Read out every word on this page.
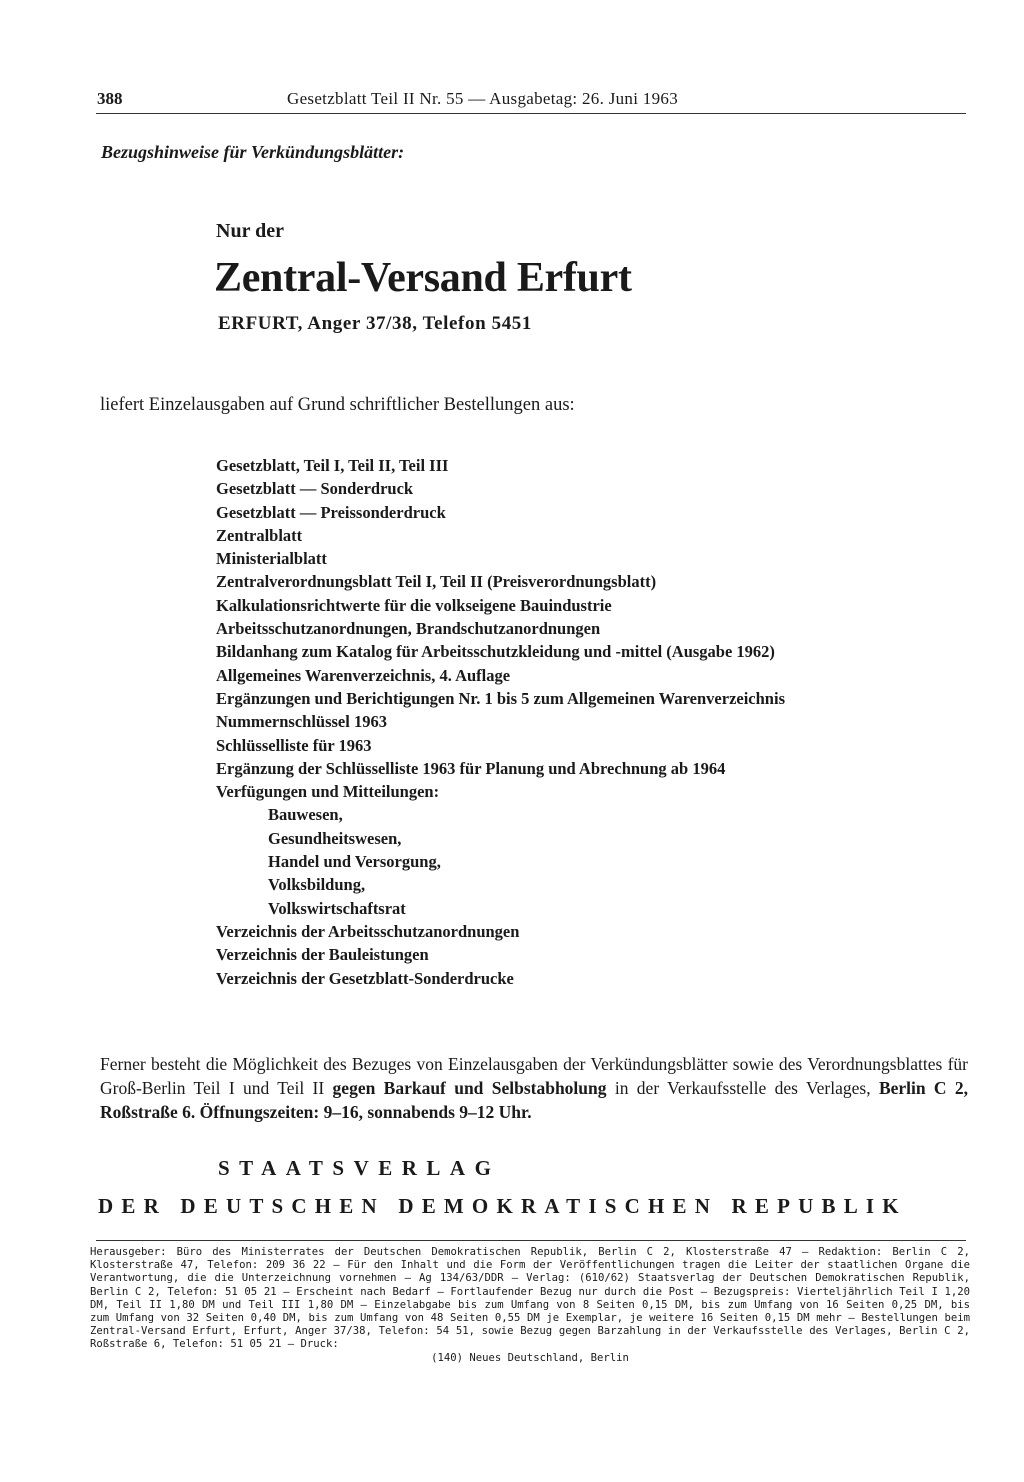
388	Gesetzblatt Teil II Nr. 55 — Ausgabetag: 26. Juni 1963
Bezugshinweise für Verkündungsblätter:
Nur der
Zentral-Versand Erfurt
ERFURT, Anger 37/38, Telefon 5451
liefert Einzelausgaben auf Grund schriftlicher Bestellungen aus:
Gesetzblatt, Teil I, Teil II, Teil III
Gesetzblatt — Sonderdruck
Gesetzblatt — Preissonderdruck
Zentralblatt
Ministerialblatt
Zentralverordnungsblatt Teil I, Teil II (Preisverordnungsblatt)
Kalkulationsrichtwerte für die volkseigene Bauindustrie
Arbeitsschutzanordnungen, Brandschutzanordnungen
Bildanhang zum Katalog für Arbeitsschutzkleidung und -mittel (Ausgabe 1962)
Allgemeines Warenverzeichnis, 4. Auflage
Ergänzungen und Berichtigungen Nr. 1 bis 5 zum Allgemeinen Warenverzeichnis
Nummernschlüssel 1963
Schlüsselliste für 1963
Ergänzung der Schlüsselliste 1963 für Planung und Abrechnung ab 1964
Verfügungen und Mitteilungen:
Bauwesen,
Gesundheitswesen,
Handel und Versorgung,
Volksbildung,
Volkswirtschaftsrat
Verzeichnis der Arbeitsschutzanordnungen
Verzeichnis der Bauleistungen
Verzeichnis der Gesetzblatt-Sonderdrucke

Ferner besteht die Möglichkeit des Bezuges von Einzelausgaben der Verkündungsblätter sowie des Verordnungsblattes für Groß-Berlin Teil I und Teil II gegen Barkauf und Selbstabholung in der Verkaufsstelle des Verlages, Berlin C 2, Roßstraße 6. Öffnungszeiten: 9–16, sonnabends 9–12 Uhr.

STAATSVERLAG
DER DEUTSCHEN DEMOKRATISCHEN REPUBLIK
Herausgeber: Büro des Ministerrates der Deutschen Demokratischen Republik, Berlin C 2, Klosterstraße 47 — Redaktion: Berlin C 2, Klosterstraße 47, Telefon: 209 36 22 — Für den Inhalt und die Form der Veröffentlichungen tragen die Leiter der staatlichen Organe die Verantwortung, die die Unterzeichnung vornehmen — Ag 134/63/DDR — Verlag: (610/62) Staatsverlag der Deutschen Demokratischen Republik, Berlin C 2, Telefon: 51 05 21 — Erscheint nach Bedarf — Fortlaufender Bezug nur durch die Post — Bezugspreis: Vierteljährlich Teil I 1,20 DM, Teil II 1,80 DM und Teil III 1,80 DM — Einzelabgabe bis zum Umfang von 8 Seiten 0,15 DM, bis zum Umfang von 16 Seiten 0,25 DM, bis zum Umfang von 32 Seiten 0,40 DM, bis zum Umfang von 48 Seiten 0,55 DM je Exemplar, je weitere 16 Seiten 0,15 DM mehr — Bestellungen beim Zentral-Versand Erfurt, Erfurt, Anger 37/38, Telefon: 54 51, sowie Bezug gegen Barzahlung in der Verkaufsstelle des Verlages, Berlin C 2, Roßstraße 6, Telefon: 51 05 21 — Druck:
(140) Neues Deutschland, Berlin
